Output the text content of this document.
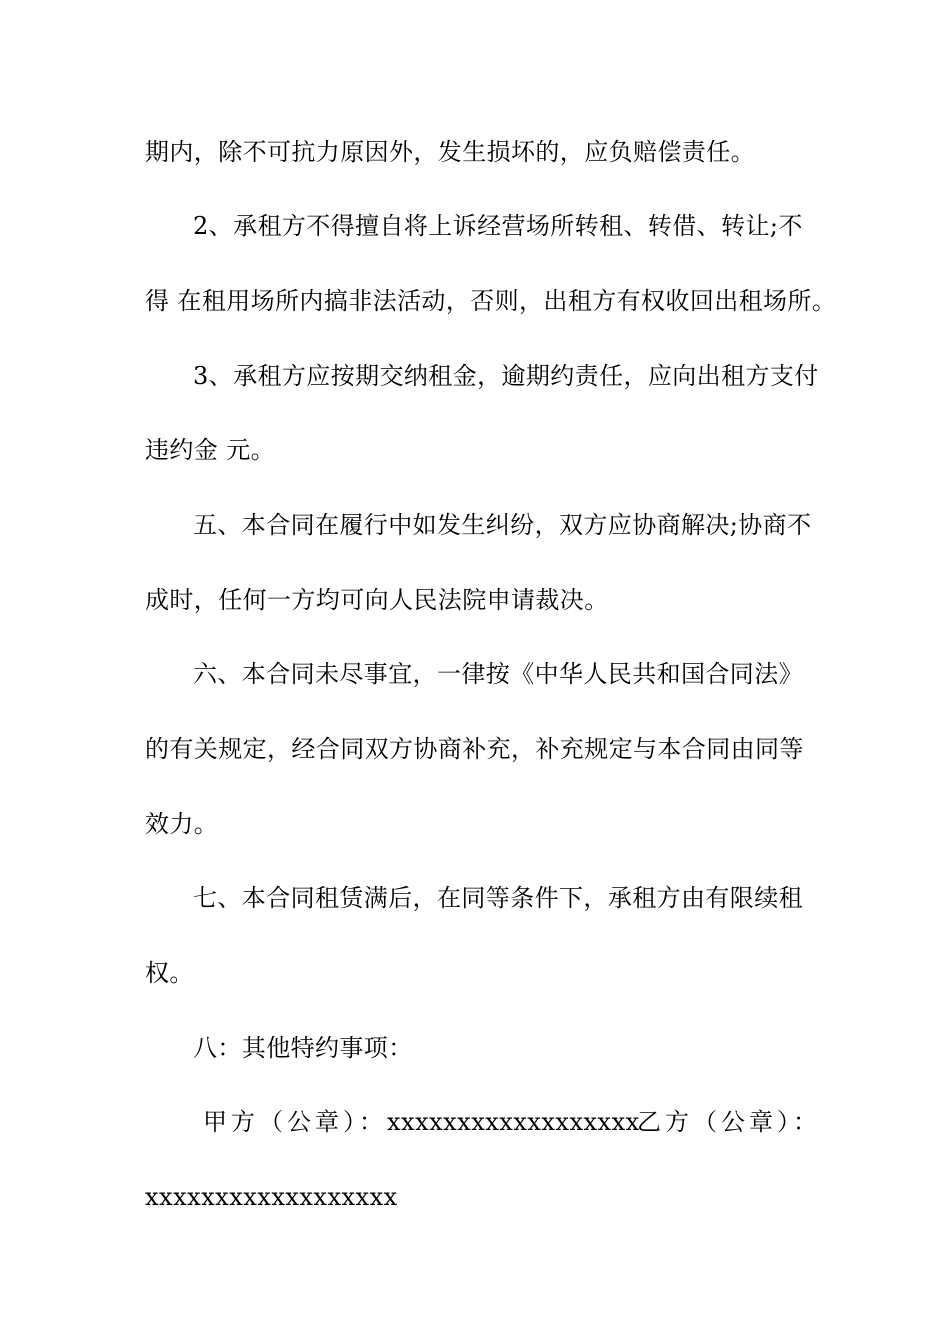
期内，除不可抗力原因外，发生损坏的，应负赔偿责任。
2、承租方不得擅自将上诉经营场所转租、转借、转让;不
得 在租用场所内搞非法活动，否则，出租方有权收回出租场所。
3、承租方应按期交纳租金，逾期约责任，应向出租方支付
违约金 元。
五、本合同在履行中如发生纠纷，双方应协商解决;协商不
成时，任何一方均可向人民法院申请裁决。
六、本合同未尽事宜，一律按《中华人民共和国合同法》
的有关规定，经合同双方协商补充，补充规定与本合同由同等
效力。
七、本合同租赁满后，在同等条件下，承租方由有限续租
权。
八：其他特约事项：
甲方（公章）：xxxxxxxxxxxxxxxxxx
乙方（公章）：
xxxxxxxxxxxxxxxxxx
